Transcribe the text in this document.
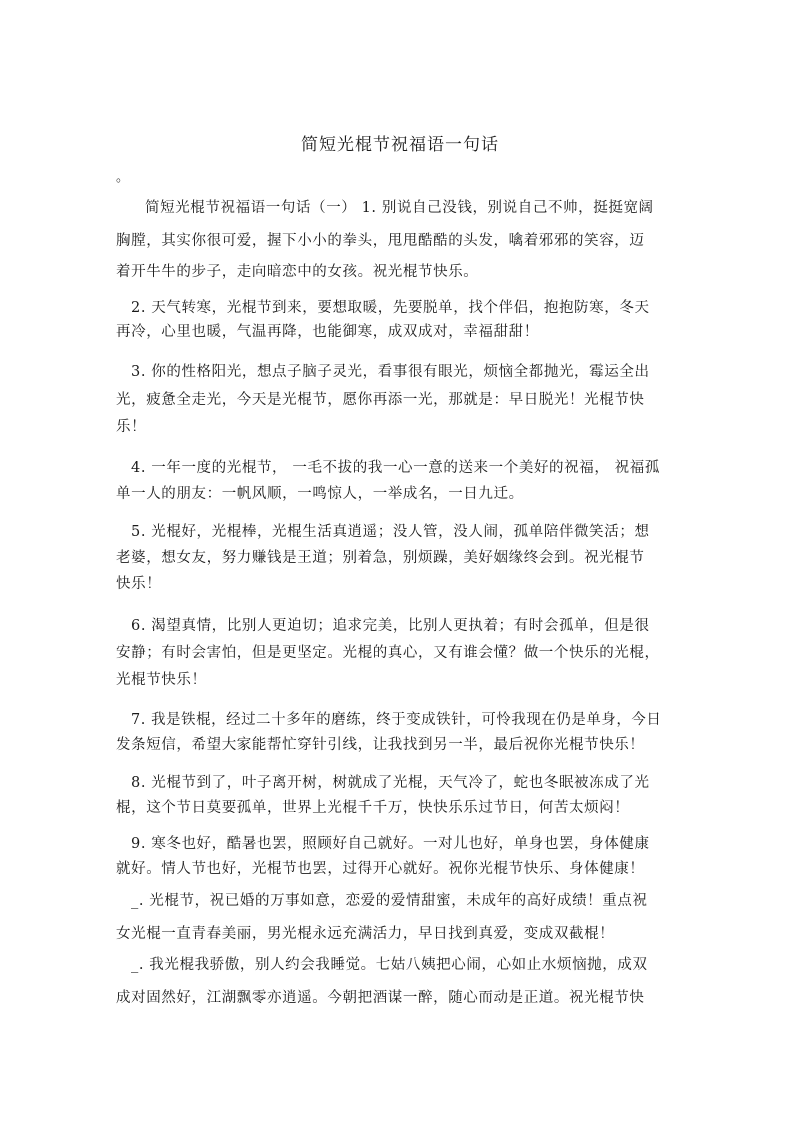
简短光棍节祝福语一句话
。
简短光棍节祝福语一句话（一） 1. 别说自己没钱，别说自己不帅，挺挺宽阔
胸膛，其实你很可爱，握下小小的拳头，甩甩酷酷的头发，噙着邪邪的笑容，迈
着开牛牛的步子，走向暗恋中的女孩。祝光棍节快乐。
2. 天气转寒，光棍节到来，要想取暖，先要脱单，找个伴侣，抱抱防寒，冬天
再冷，心里也暖，气温再降，也能御寒，成双成对，幸福甜甜！
3. 你的性格阳光，想点子脑子灵光，看事很有眼光，烦恼全都抛光，霉运全出
光，疲惫全走光，今天是光棍节，愿你再添一光，那就是：早日脱光！光棍节快
乐！
4. 一年一度的光棍节， 一毛不拔的我一心一意的送来一个美好的祝福， 祝福孤
单一人的朋友：一帆风顺，一鸣惊人，一举成名，一日九迁。
5. 光棍好，光棍棒，光棍生活真逍遥；没人管，没人闹，孤单陪伴微笑活；想
老婆，想女友，努力赚钱是王道；别着急，别烦躁，美好姻缘终会到。祝光棍节
快乐！
6. 渴望真情，比别人更迫切；追求完美，比别人更执着；有时会孤单，但是很
安静；有时会害怕，但是更坚定。光棍的真心，又有谁会懂？做一个快乐的光棍，
光棍节快乐！
7. 我是铁棍，经过二十多年的磨练，终于变成铁针，可怜我现在仍是单身，今日
发条短信，希望大家能帮忙穿针引线，让我找到另一半，最后祝你光棍节快乐！
8. 光棍节到了，叶子离开树，树就成了光棍，天气冷了，蛇也冬眠被冻成了光
棍，这个节日莫要孤单，世界上光棍千千万，快快乐乐过节日，何苦太烦闷！
9. 寒冬也好，酷暑也罢，照顾好自己就好。一对儿也好，单身也罢，身体健康
就好。情人节也好，光棍节也罢，过得开心就好。祝你光棍节快乐、身体健康！
_. 光棍节，祝已婚的万事如意，恋爱的爱情甜蜜，未成年的高好成绩！重点祝
女光棍一直青春美丽，男光棍永远充满活力，早日找到真爱，变成双截棍！
_. 我光棍我骄傲，别人约会我睡觉。七姑八姨把心闹，心如止水烦恼抛，成双
成对固然好，江湖飘零亦逍遥。今朝把酒谋一醉，随心而动是正道。祝光棍节快
